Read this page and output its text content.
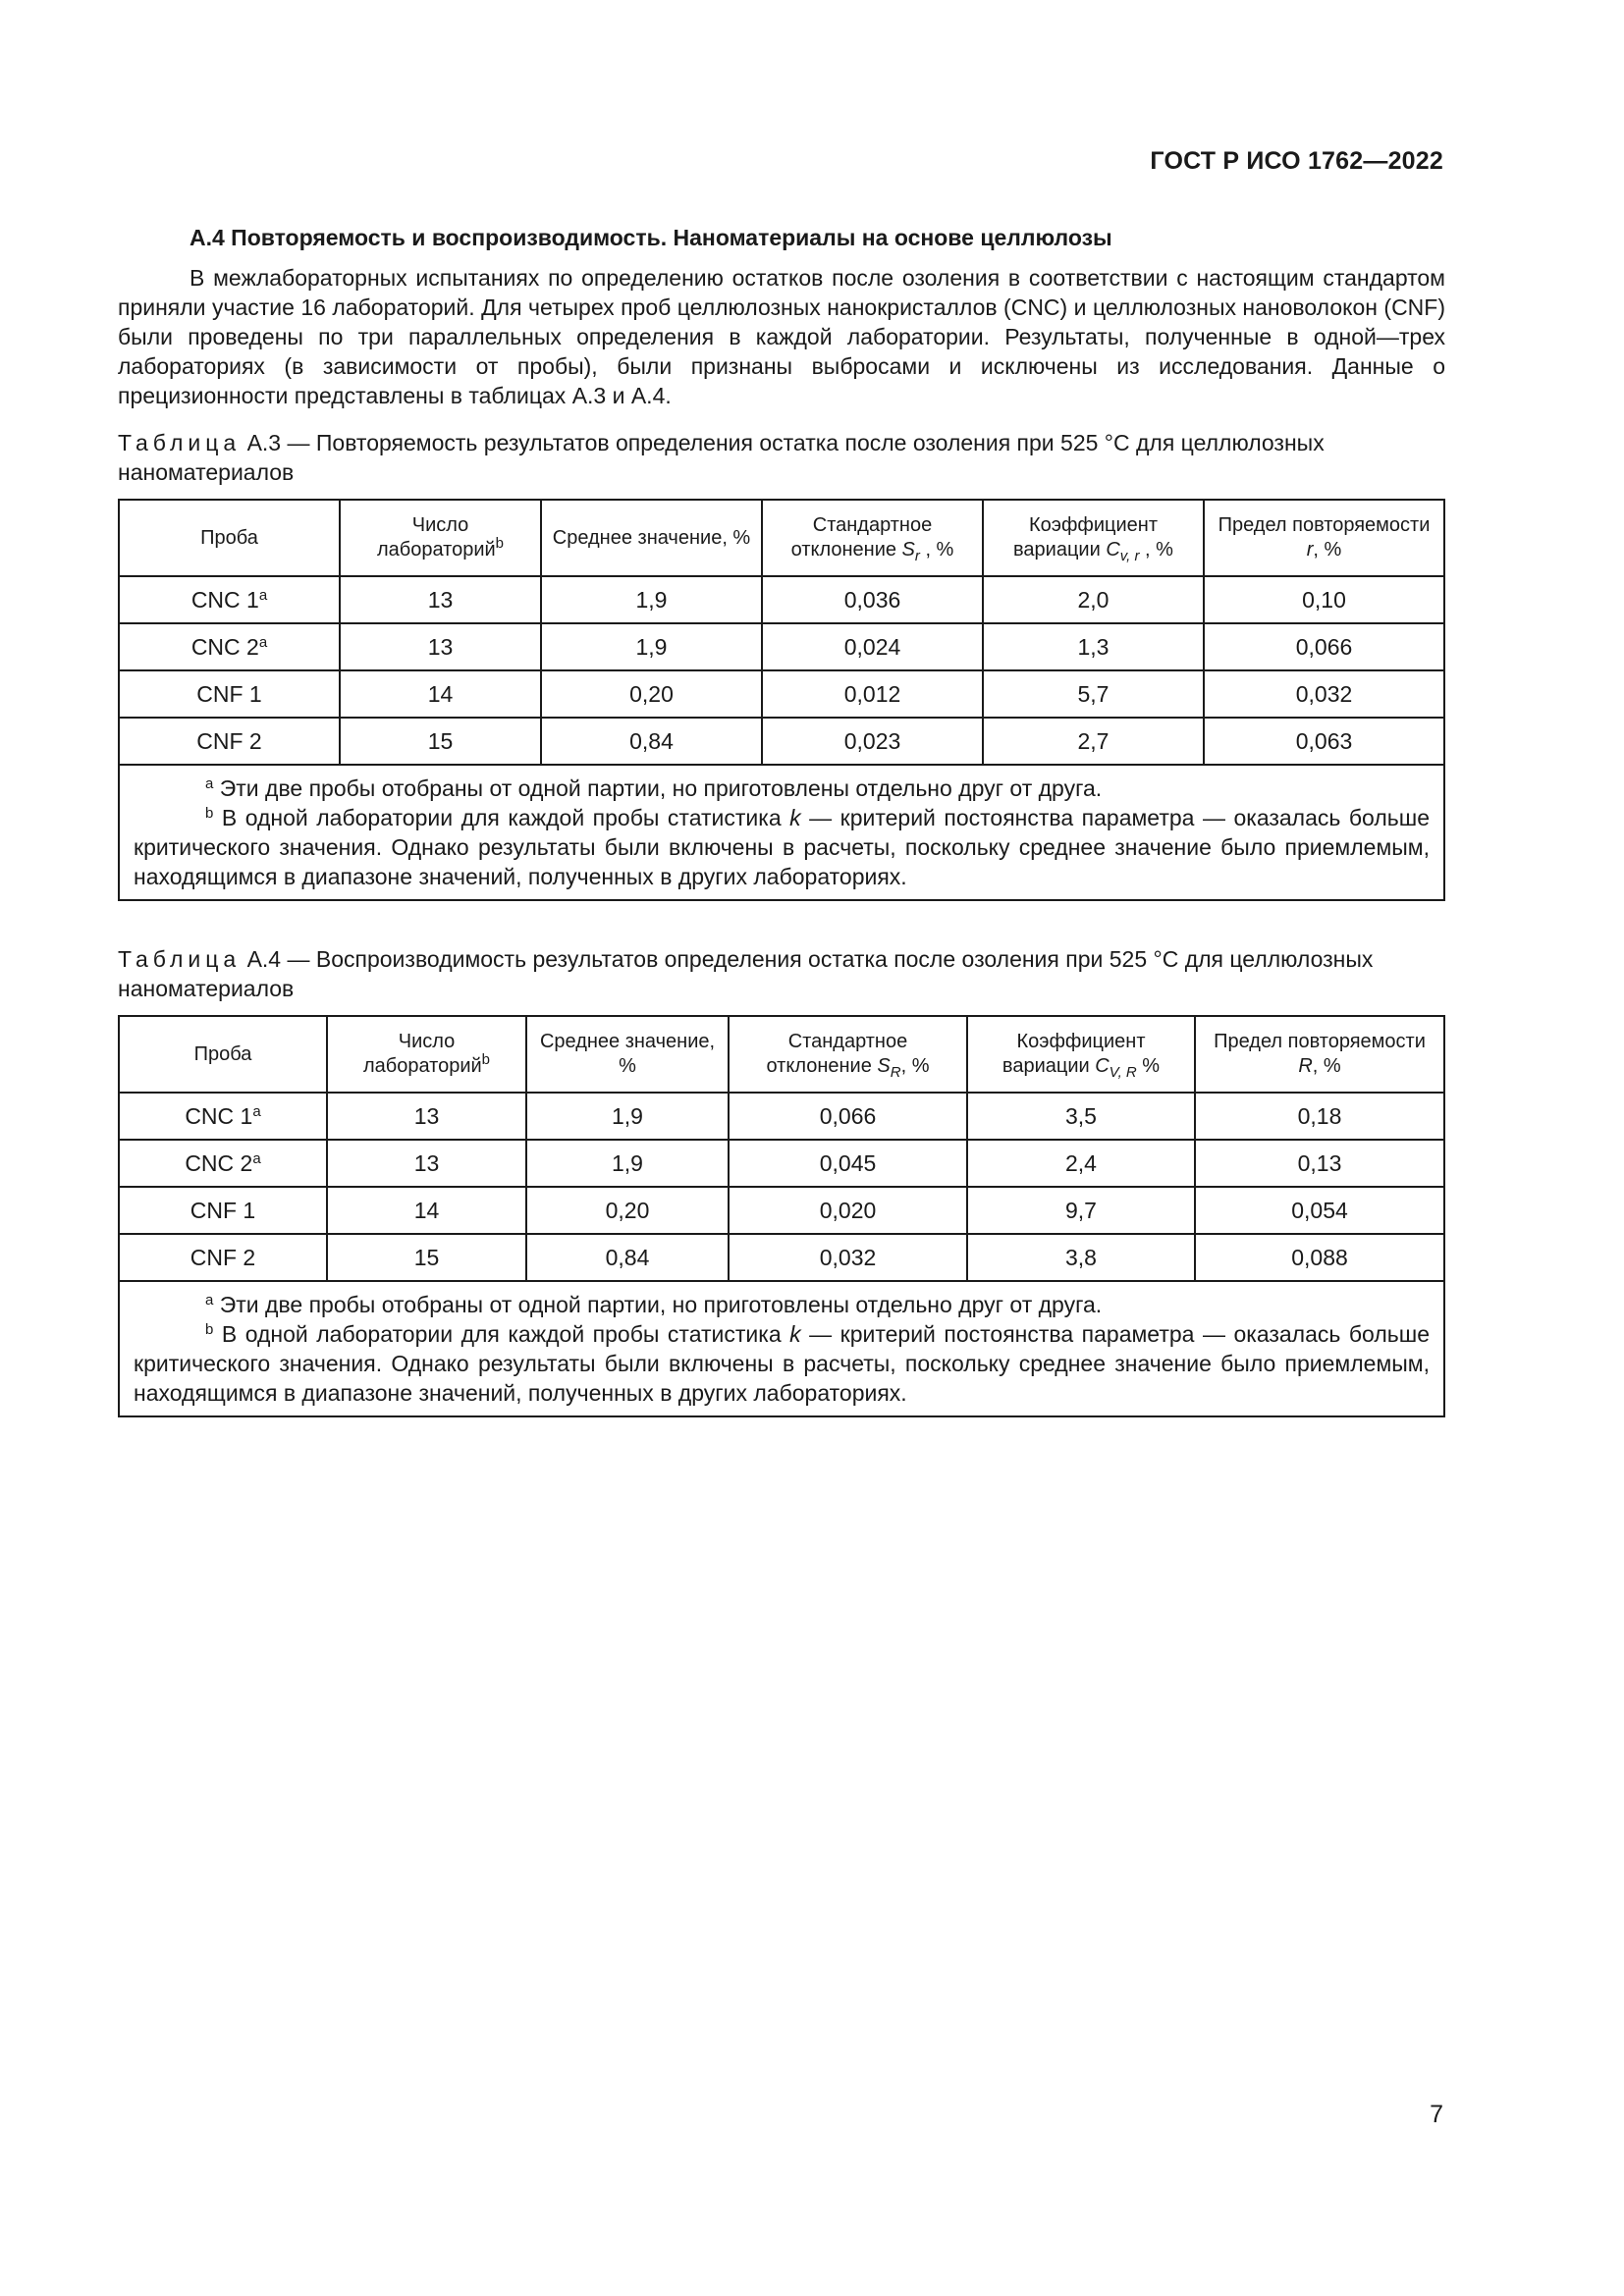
ГОСТ Р ИСО 1762—2022
A.4 Повторяемость и воспроизводимость. Наноматериалы на основе целлюлозы

В межлабораторных испытаниях по определению остатков после озоления в соответствии с настоящим стандартом приняли участие 16 лабораторий. Для четырех проб целлюлозных нанокристаллов (CNC) и целлюлозных нановолокон (CNF) были проведены по три параллельных определения в каждой лаборатории. Результаты, полученные в одной—трех лабораториях (в зависимости от пробы), были признаны выбросами и исключены из исследования. Данные о прецизионности представлены в таблицах А.3 и А.4.

Таблица А.3 — Повторяемость результатов определения остатка после озоления при 525 °С для целлюлозных наноматериалов

Проба	Число лабораторий$^b$	Среднее значение, %	Стандартное отклонение $S_r$ , %	Коэффициент вариации $C_{v, r}$ , %	Предел повторяемости r, %
CNC 1$^a$	13	1,9	0,036	2,0	0,10
CNC 2$^a$	13	1,9	0,024	1,3	0,066
CNF 1	14	0,20	0,012	5,7	0,032
CNF 2	15	0,84	0,023	2,7	0,063

$^a$ Эти две пробы отобраны от одной партии, но приготовлены отдельно друг от друга.

$^b$ В одной лаборатории для каждой пробы статистика k — критерий постоянства параметра — оказалась больше критического значения. Однако результаты были включены в расчеты, поскольку среднее значение было приемлемым, находящимся в диапазоне значений, полученных в других лабораториях.					

Таблица А.4 — Воспроизводимость результатов определения остатка после озоления при 525 °С для целлюлозных наноматериалов

Проба	Число лабораторий$^b$	Среднее значение, %	Стандартное отклонение $S_R$, %	Коэффициент вариации $C_{V, R}$ %	Предел повторяемости R, %
CNC 1$^a$	13	1,9	0,066	3,5	0,18
CNC 2$^a$	13	1,9	0,045	2,4	0,13
CNF 1	14	0,20	0,020	9,7	0,054
CNF 2	15	0,84	0,032	3,8	0,088

$^a$ Эти две пробы отобраны от одной партии, но приготовлены отдельно друг от друга.

$^b$ В одной лаборатории для каждой пробы статистика k — критерий постоянства параметра — оказалась больше критического значения. Однако результаты были включены в расчеты, поскольку среднее значение было приемлемым, находящимся в диапазоне значений, полученных в других лабораториях.					

7
